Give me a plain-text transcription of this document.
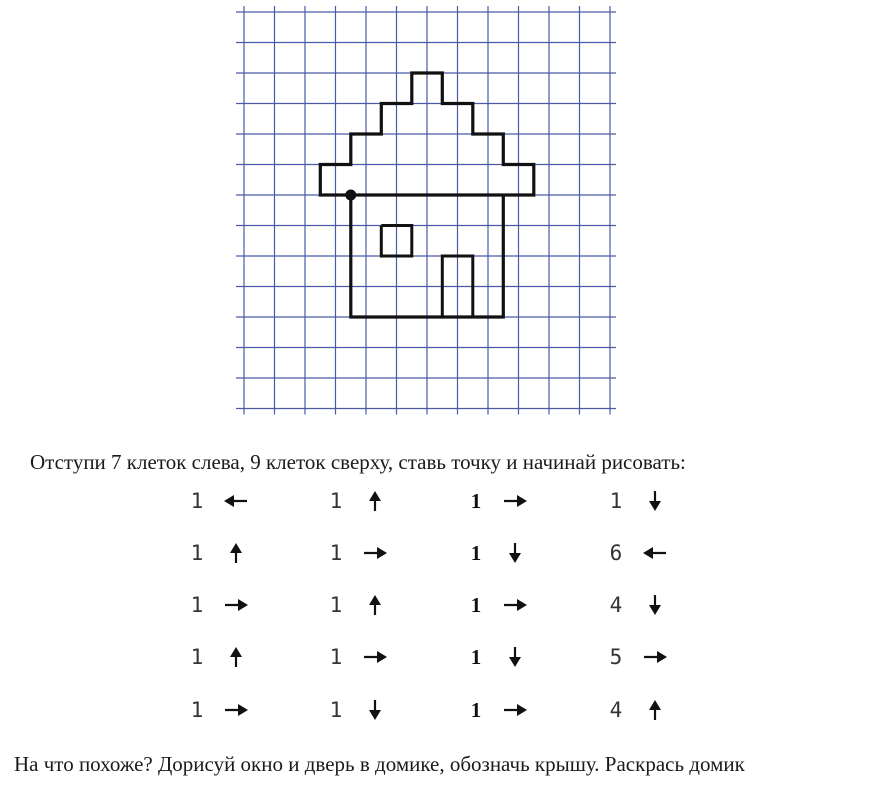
Отступи 7 клеток слева, 9 клеток сверху, ставь точку и начинай рисовать:
1
1
1
1
1
1
1
1
1
1
1
1
1
1
1
1
6
4
5
4
На что похоже? Дорисуй окно и дверь в домике, обозначь крышу. Раскрась домик
